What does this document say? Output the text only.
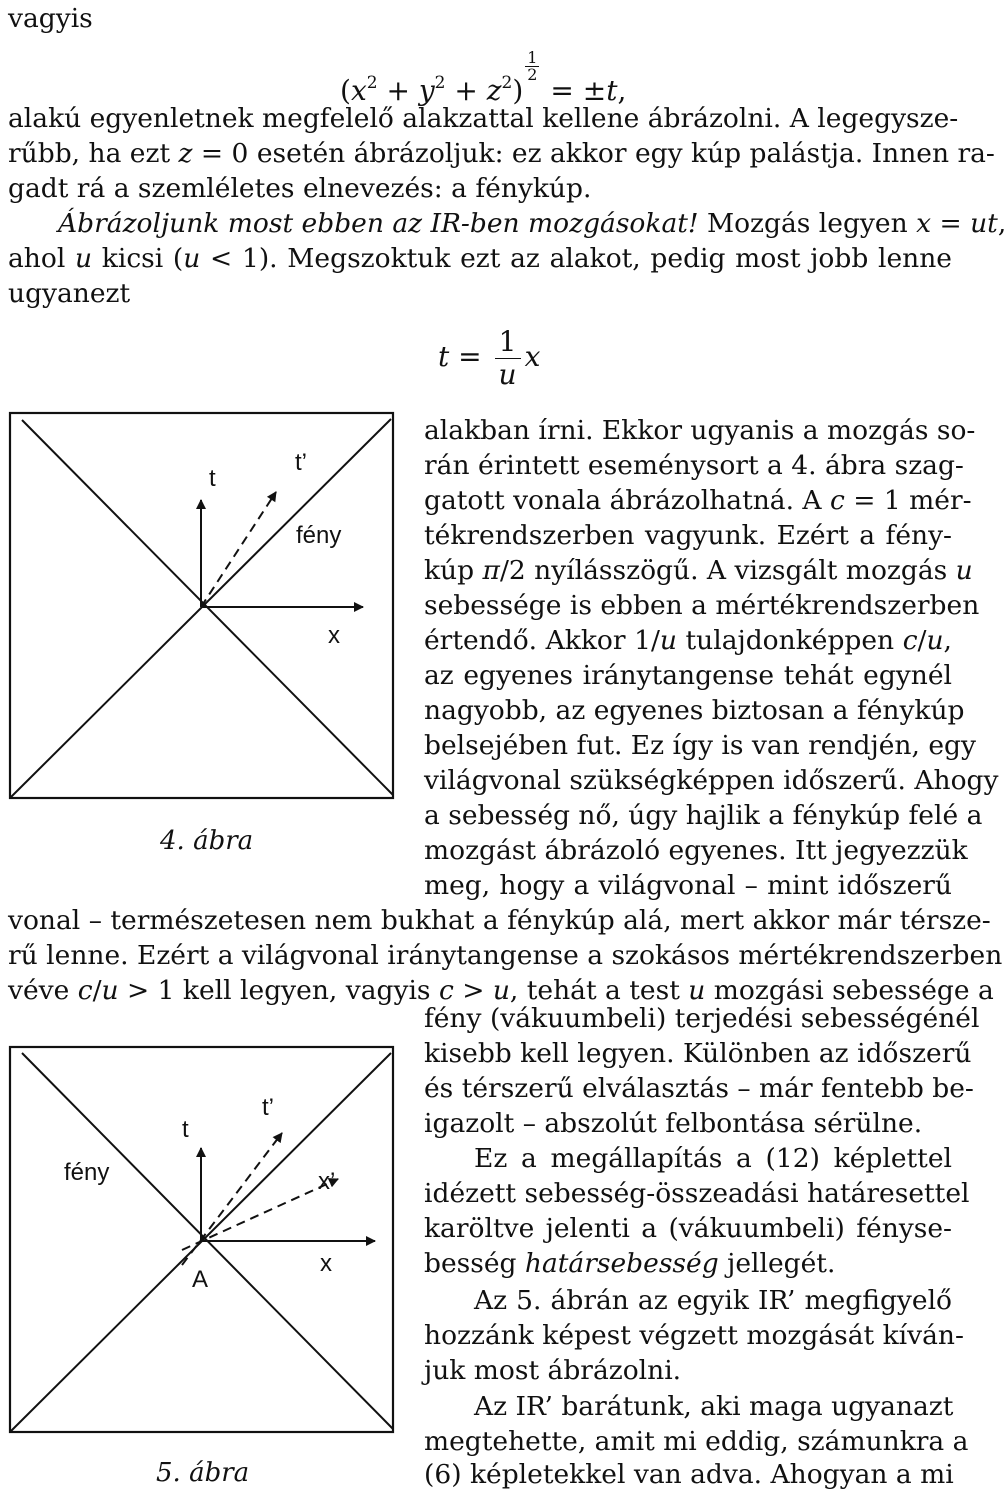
vagyis
$(x^2 + y^2 + z^2)$
$\frac{1}{2} = \pm t$,
alakú egyenletnek megfelelő alakzattal kellene ábrázolni. A legegysze-
rűbb, ha ezt z = 0 esetén ábrázoljuk: ez akkor egy kúp palástja. Innen ra-
gadt rá a szemléletes elnevezés: a fénykúp.
Ábrázoljunk most ebben az IR-ben mozgásokat! Mozgás legyen x = ut,
ahol u kicsi (u < 1). Megszoktuk ezt az alakot, pedig most jobb lenne
ugyanezt
$t = \frac{1}{u}$ x
t
t’
fény
x
4. ábra
alakban írni. Ekkor ugyanis a mozgás so-
rán érintett eseménysort a 4. ábra szag-
gatott vonala ábrázolhatná. A c = 1 mér-
tékrendszerben vagyunk. Ezért a fény-
kúp π/2 nyílásszögű. A vizsgált mozgás u
sebessége is ebben a mértékrendszerben
értendő. Akkor 1/u tulajdonképpen c/u,
az egyenes iránytangense tehát egynél
nagyobb, az egyenes biztosan a fénykúp
belsejében fut. Ez így is van rendjén, egy
világvonal szükségképpen időszerű. Ahogy
a sebesség nő, úgy hajlik a fénykúp felé a
mozgást ábrázoló egyenes. Itt jegyezzük
meg, hogy a világvonal – mint időszerű
vonal – természetesen nem bukhat a fénykúp alá, mert akkor már térsze-
rű lenne. Ezért a világvonal iránytangense a szokásos mértékrendszerben
véve c/u > 1 kell legyen, vagyis c > u, tehát a test u mozgási sebessége a
t
t’
fény	x’
x
A
5. ábra
fény (vákuumbeli) terjedési sebességénél
kisebb kell legyen. Különben az időszerű
és térszerű elválasztás – már fentebb be-
igazolt – abszolút felbontása sérülne.
Ez a megállapítás a (12) képlettel
idézett sebesség-összeadási határesettel
karöltve jelenti a (vákuumbeli) fényse-
besség határsebesség jellegét.
Az 5. ábrán az egyik IR’ megfigyelő
hozzánk képest végzett mozgását kíván-
juk most ábrázolni.
Az IR’ barátunk, aki maga ugyanazt
megtehette, amit mi eddig, számunkra a
(6) képletekkel van adva. Ahogyan a mi
